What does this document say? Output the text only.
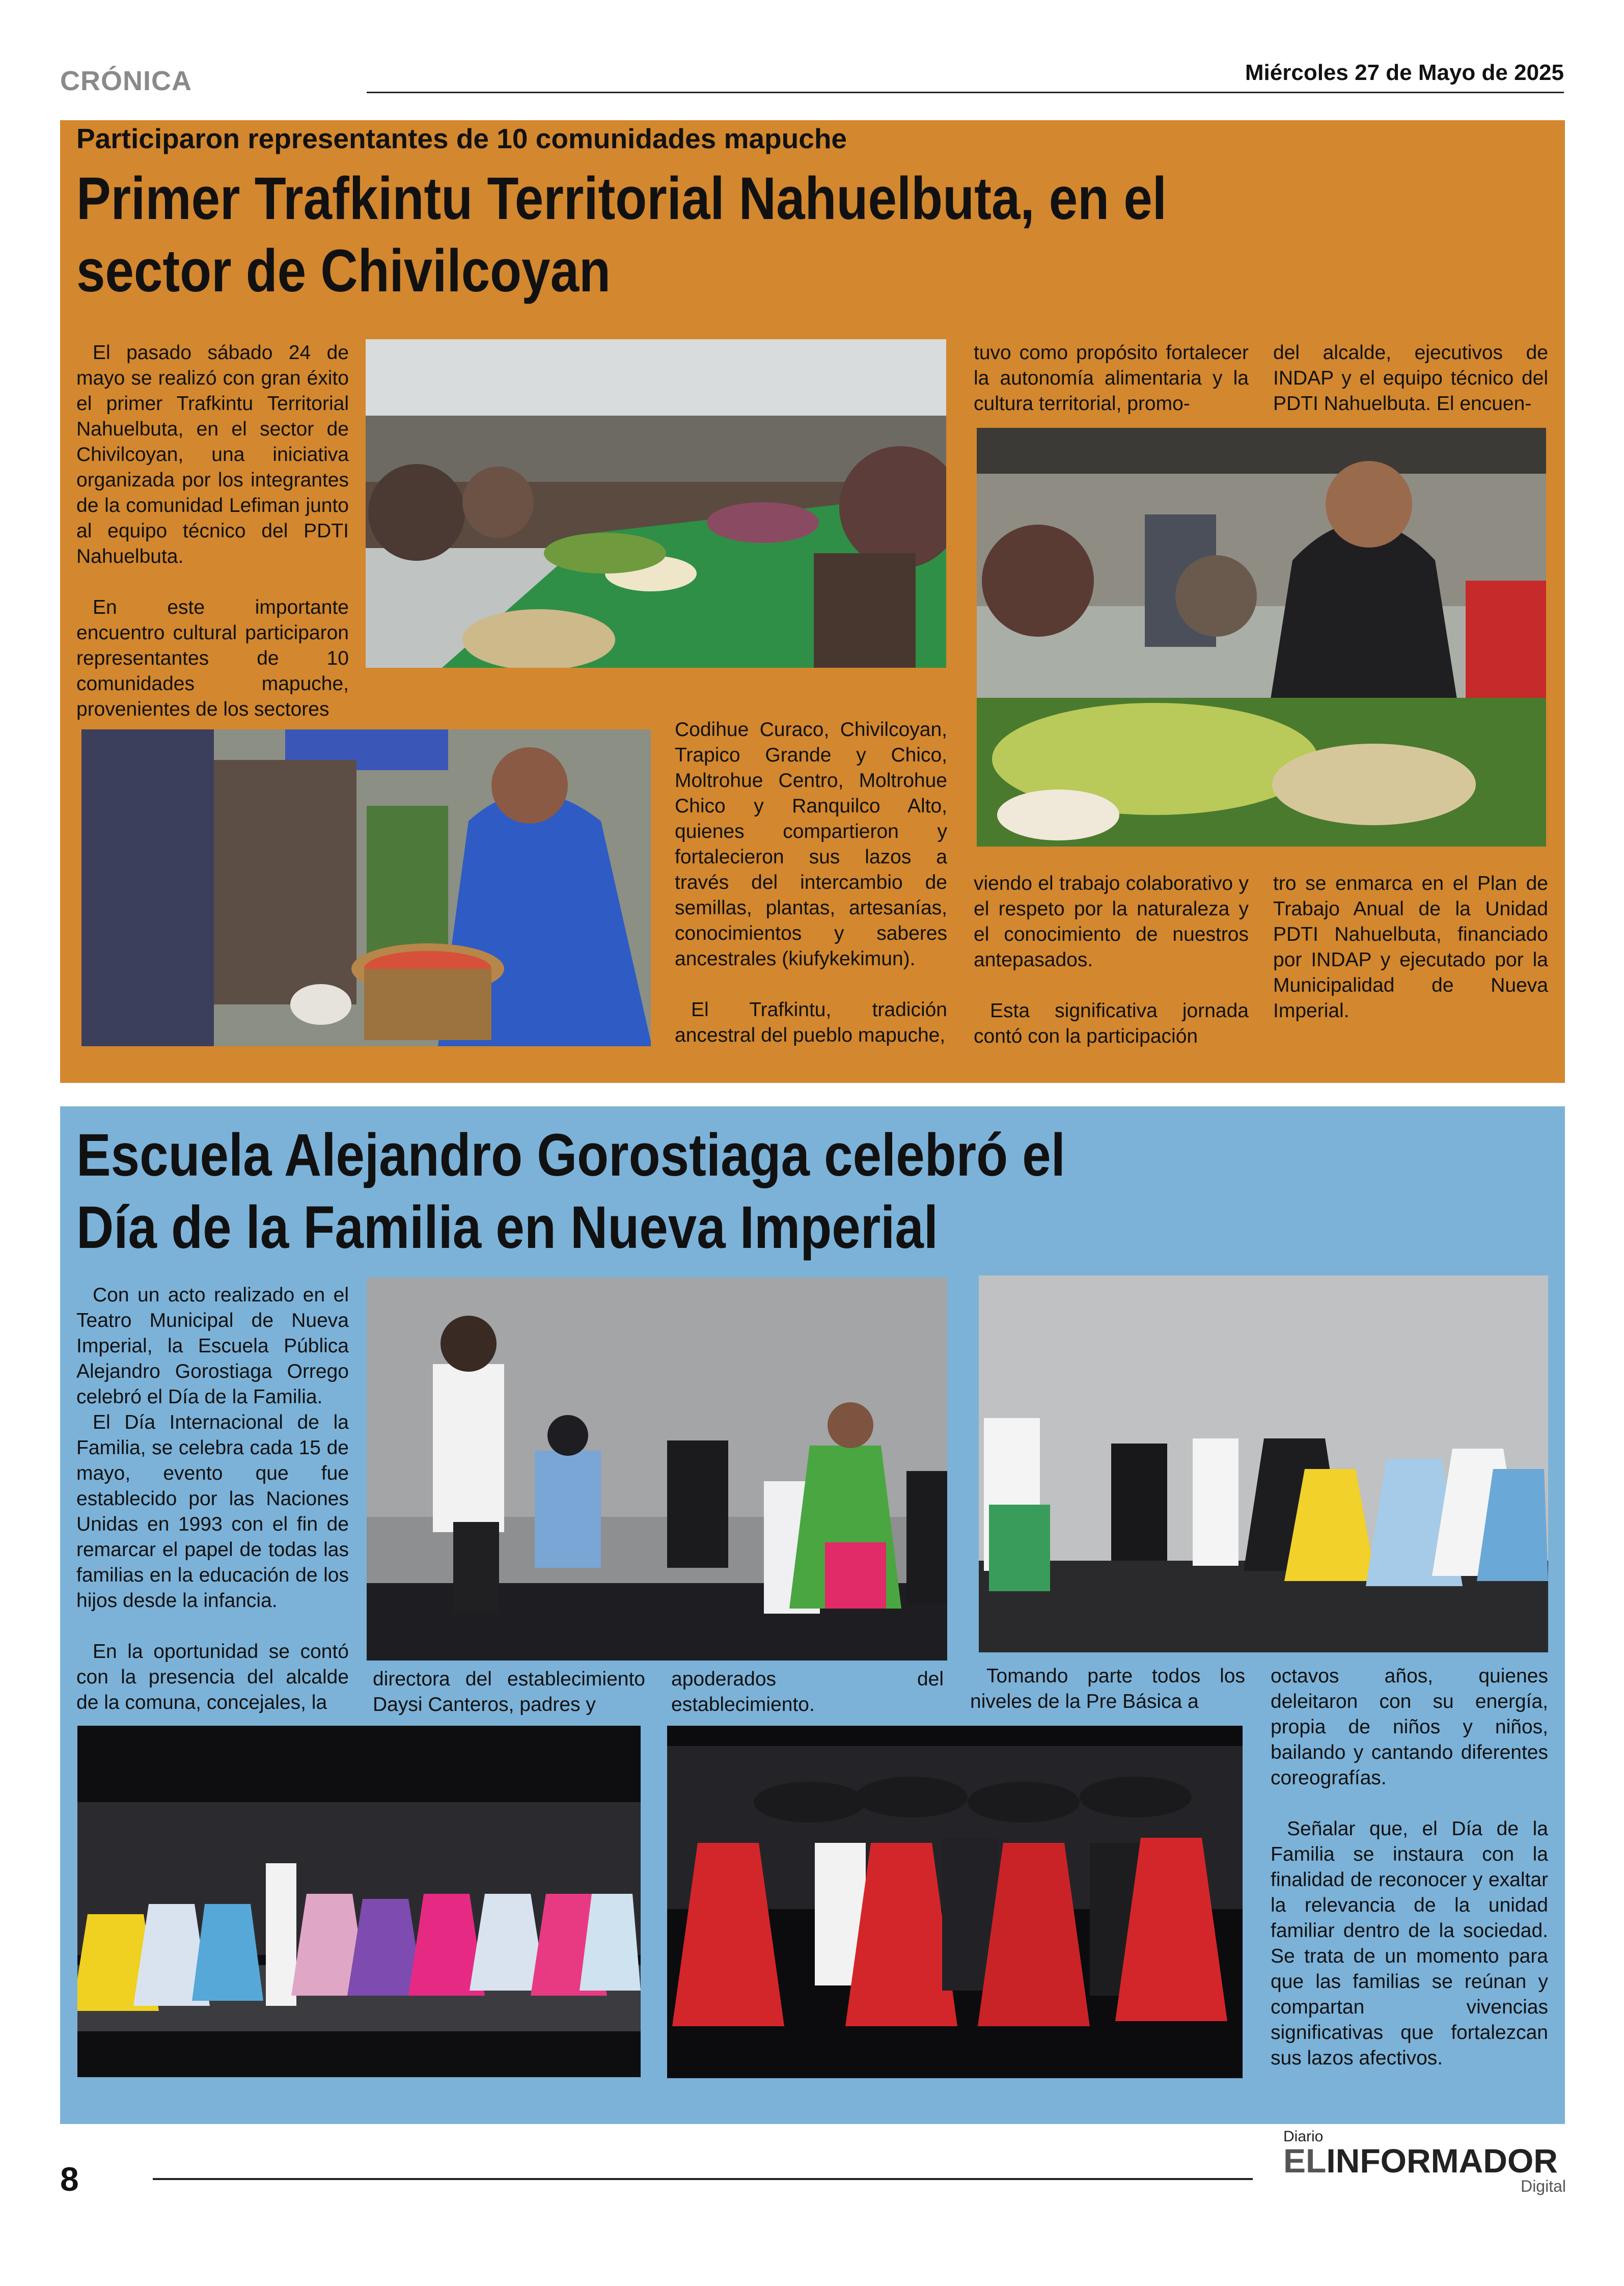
CRÓNICA	Miércoles 27 de Mayo de 2025
Participaron representantes de 10 comunidades mapuche
Primer Trafkintu Territorial Nahuelbuta, en el
sector de Chivilcoyan

El pasado sábado 24 de mayo se realizó con gran éxito el primer Trafkintu Territorial Nahuelbuta, en el sector de Chivilcoyan, una iniciativa organizada por los integrantes de la comunidad Lefiman junto al equipo técnico del PDTI Nahuelbuta.

En este importante encuentro cultural participaron representantes de 10 comunidades mapuche, provenientes de los sectores

Codihue Curaco, Chivilcoyan, Trapico Grande y Chico, Moltrohue Centro, Moltrohue Chico y Ranquilco Alto, quienes compartieron y fortalecieron sus lazos a través del intercambio de semillas, plantas, artesanías, conocimientos y saberes ancestrales (kiufykekimun).

El Trafkintu, tradición ancestral del pueblo mapuche,

tuvo como propósito fortalecer la autonomía alimentaria y la cultura territorial, promo-

del alcalde, ejecutivos de INDAP y el equipo técnico del PDTI Nahuelbuta. El encuen-

viendo el trabajo colaborativo y el respeto por la naturaleza y el conocimiento de nuestros antepasados.

Esta significativa jornada contó con la participación

tro se enmarca en el Plan de Trabajo Anual de la Unidad PDTI Nahuelbuta, financiado por INDAP y ejecutado por la Municipalidad de Nueva Imperial.

Escuela Alejandro Gorostiaga celebró el
Día de la Familia en Nueva Imperial

Con un acto realizado en el Teatro Municipal de Nueva Imperial, la Escuela Pública Alejandro Gorostiaga Orrego celebró el Día de la Familia.

El Día Internacional de la Familia, se celebra cada 15 de mayo, evento que fue establecido por las Naciones Unidas en 1993 con el fin de remarcar el papel de todas las familias en la educación de los hijos desde la infancia.

En la oportunidad se contó con la presencia del alcalde de la comuna, concejales, la

directora del establecimiento Daysi Canteros, padres y

apoderados del establecimiento.

Tomando parte todos los niveles de la Pre Básica a

octavos años, quienes deleitaron con su energía, propia de niños y niños, bailando y cantando diferentes coreografías.

Señalar que, el Día de la Familia se instaura con la finalidad de reconocer y exaltar la relevancia de la unidad familiar dentro de la sociedad. Se trata de un momento para que las familias se reúnan y compartan vivencias significativas que fortalezcan sus lazos afectivos.

8
Diario
ELINFORMADOR
Digital
